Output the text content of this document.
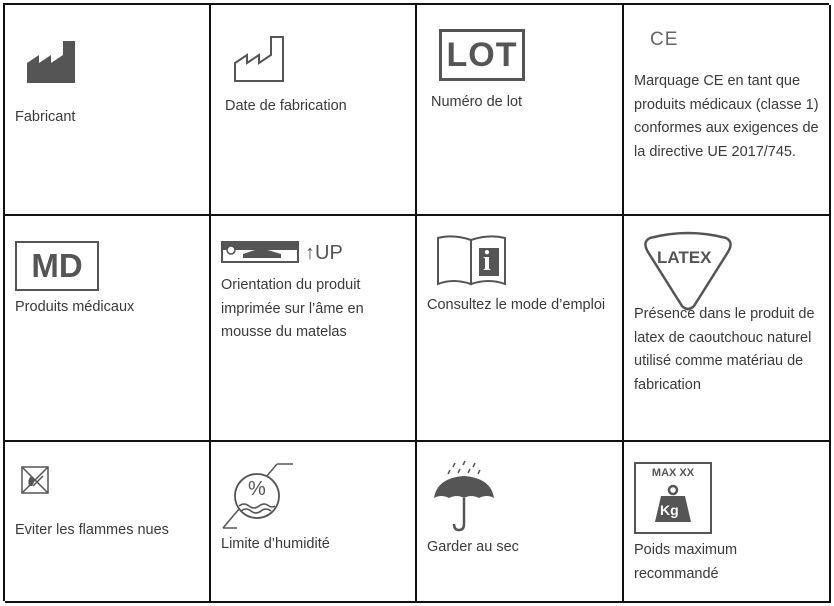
Fabricant
Date de fabrication
LOT
Numéro de lot
CE
Marquage CE en tant que produits médicaux (classe 1) conformes aux exigences de la directive UE 2017/745.
MD
Produits médicaux
↑UP
Orientation du produit imprimée sur l’âme en mousse du matelas
i
Consultez le mode d’emploi
LATEX
Présence dans le produit de latex de caoutchouc naturel utilisé comme matériau de fabrication
Eviter les flammes nues
%
Limite d’humidité	Garder au sec
MAX XX
Kg
Poids maximum recommandé
